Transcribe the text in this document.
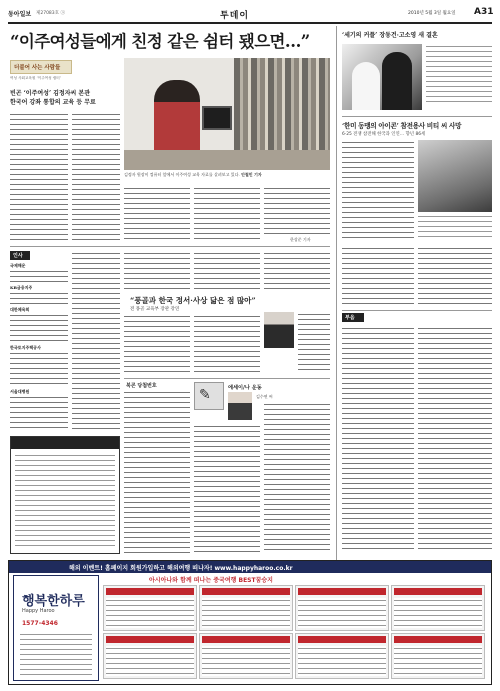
동아일보 제27083호 ⓐ	투데이	2010년 5월 3일 월요일 A31
“이주여성들에게 친정 같은 쉼터 됐으면…”
더불어 사는 사람들
여성 사회교육원 ‘이주여성 쉼터’
빈곤 ‘이주여성’ 김정자씨 본관
한국어 강좌 통합의 교육 등 무료
김정자 원장이 컴퓨터 앞에서 이주여성 교육 자료를 살펴보고 있다. 안철민 기자
한상준 기자
‘세기의 커플’ 장동건·고소영 새 결혼
‘한미 동맹의 아이콘’ 참전용사 비티 씨 사망
6·25 전쟁 참전해 한국과 인연… 향년 86세
부음
인사
국제해운
KB금융지주
대한체육회
한국토지주택공사
서울대병원
“풍골과 한국 정서·사상 닮은 점 많아”
전 몽골 교육부 장관 강연
북콘 당첨번호
✎	에세이/나 운동
김수연 씨
해외 이벤트! 홈페이지 회원가입하고 해외여행 떠나자! www.happyharoo.co.kr
아시아나와 함께 떠나는 중국여행 BEST꿈승지
행복한하루
Happy Haroo
1577-4346
